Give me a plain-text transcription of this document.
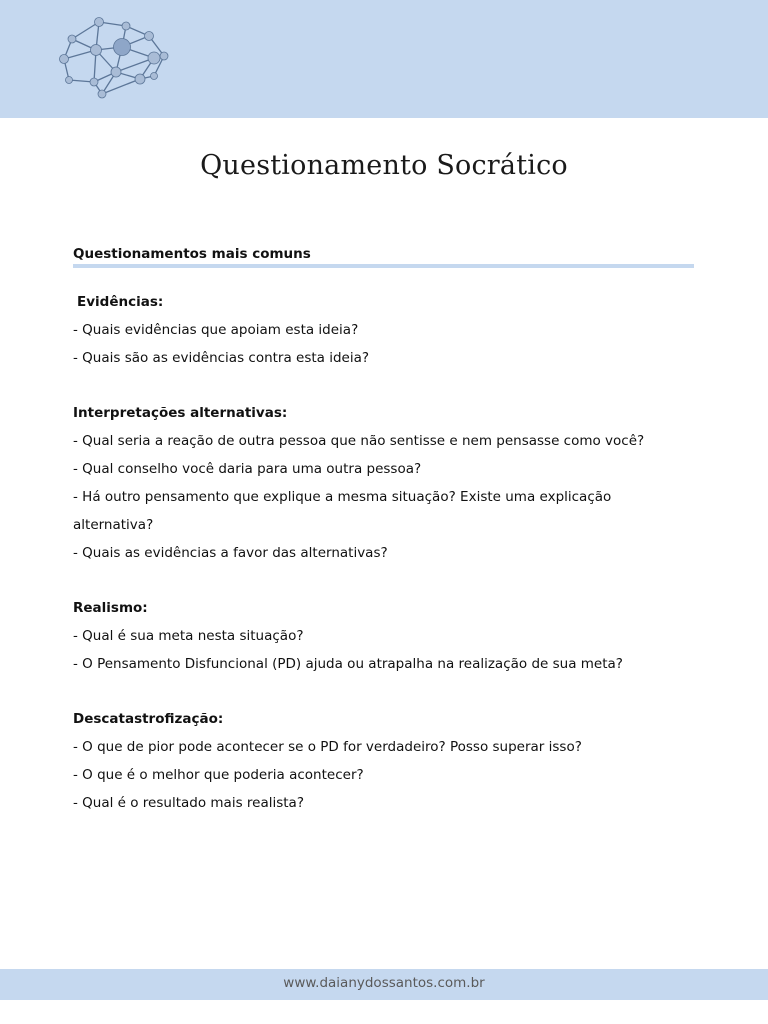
Questionamento Socrático
Questionamentos mais comuns
Evidências:
- Quais evidências que apoiam esta ideia?
- Quais são as evidências contra esta ideia?
Interpretações alternativas:
- Qual seria a reação de outra pessoa que não sentisse e nem pensasse como você?
- Qual conselho você daria para uma outra pessoa?
- Há outro pensamento que explique a mesma situação? Existe uma explicação alternativa?
- Quais as evidências a favor das alternativas?
Realismo:
- Qual é sua meta nesta situação?
- O Pensamento Disfuncional (PD) ajuda ou atrapalha na realização de sua meta?
Descatastrofização:
- O que de pior pode acontecer se o PD for verdadeiro? Posso superar isso?
- O que é o melhor que poderia acontecer?
- Qual é o resultado mais realista?
www.daianydossantos.com.br
